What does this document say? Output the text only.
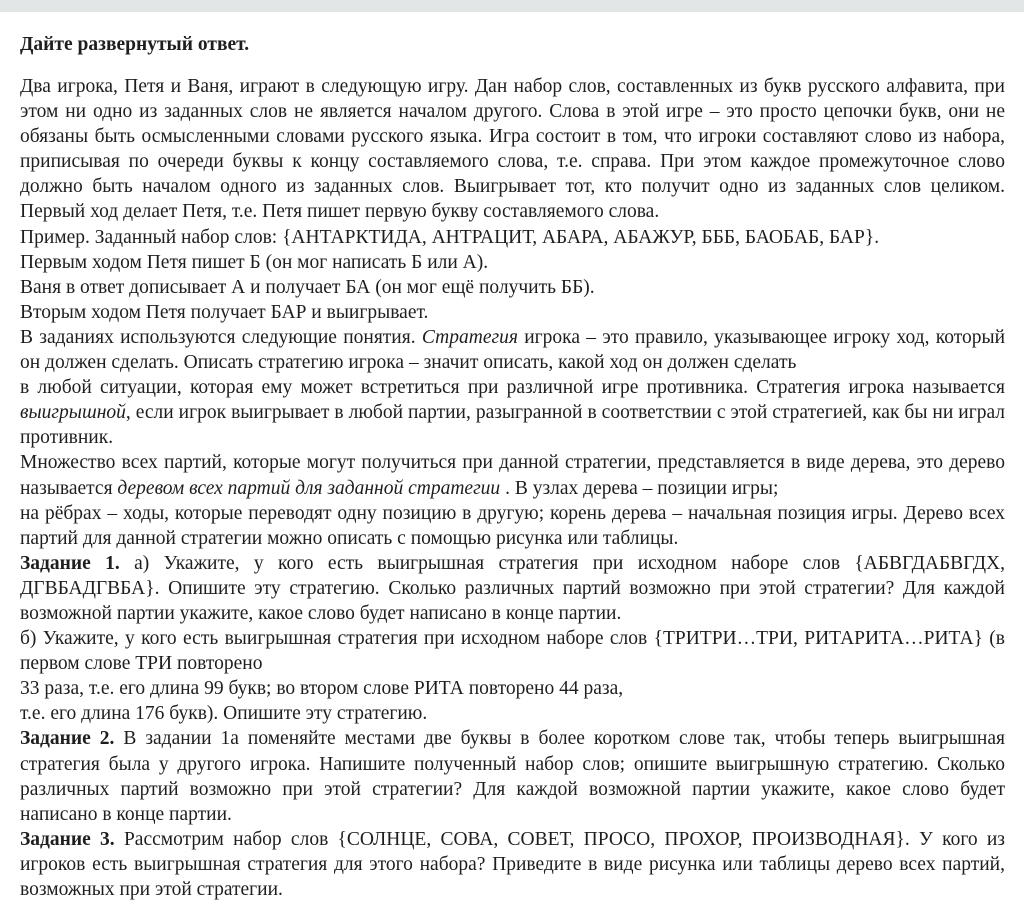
Дайте развернутый ответ.

Два игрока, Петя и Ваня, играют в следующую игру. Дан набор слов, составленных из букв русского алфавита, при этом ни одно из заданных слов не является началом другого. Слова в этой игре – это просто цепочки букв, они не обязаны быть осмысленными словами русского языка. Игра состоит в том, что игроки составляют слово из набора, приписывая по очереди буквы к концу составляемого слова, т.е. справа. При этом каждое промежуточное слово должно быть началом одного из заданных слов. Выигрывает тот, кто получит одно из заданных слов целиком. Первый ход делает Петя, т.е. Петя пишет первую букву составляемого слова.

Пример. Заданный набор слов: {АНТАРКТИДА, АНТРАЦИТ, АБАРА, АБАЖУР, БББ, БАОБАБ, БАР}.

Первым ходом Петя пишет Б (он мог написать Б или А).

Ваня в ответ дописывает А и получает БА (он мог ещё получить ББ).

Вторым ходом Петя получает БАР и выигрывает.

В заданиях используются следующие понятия. Стратегия игрока – это правило, указывающее игроку ход, который он должен сделать. Описать стратегию игрока – значит описать, какой ход он должен сделать

в любой ситуации, которая ему может встретиться при различной игре противника. Стратегия игрока называется выигрышной, если игрок выигрывает в любой партии, разыгранной в соответствии с этой стратегией, как бы ни играл противник.

Множество всех партий, которые могут получиться при данной стратегии, представляется в виде дерева, это дерево называется деревом всех партий для заданной стратегии . В узлах дерева – позиции игры;

на рёбрах – ходы, которые переводят одну позицию в другую; корень дерева – начальная позиция игры. Дерево всех партий для данной стратегии можно описать с помощью рисунка или таблицы.

Задание 1. а) Укажите, у кого есть выигрышная стратегия при исходном наборе слов {АБВГДАБВГДХ, ДГВБАДГВБА}. Опишите эту стратегию. Сколько различных партий возможно при этой стратегии? Для каждой возможной партии укажите, какое слово будет написано в конце партии.

б) Укажите, у кого есть выигрышная стратегия при исходном наборе слов {ТРИТРИ…ТРИ, РИТАРИТА…РИТА} (в первом слове ТРИ повторено

33 раза, т.е. его длина 99 букв; во втором слове РИТА повторено 44 раза,

т.е. его длина 176 букв). Опишите эту стратегию.

Задание 2. В задании 1а поменяйте местами две буквы в более коротком слове так, чтобы теперь выигрышная стратегия была у другого игрока. Напишите полученный набор слов; опишите выигрышную стратегию. Сколько различных партий возможно при этой стратегии? Для каждой возможной партии укажите, какое слово будет написано в конце партии.

Задание 3. Рассмотрим набор слов {СОЛНЦЕ, СОВА, СОВЕТ, ПРОСО, ПРОХОР, ПРОИЗВОДНАЯ}. У кого из игроков есть выигрышная стратегия для этого набора? Приведите в виде рисунка или таблицы дерево всех партий, возможных при этой стратегии.
